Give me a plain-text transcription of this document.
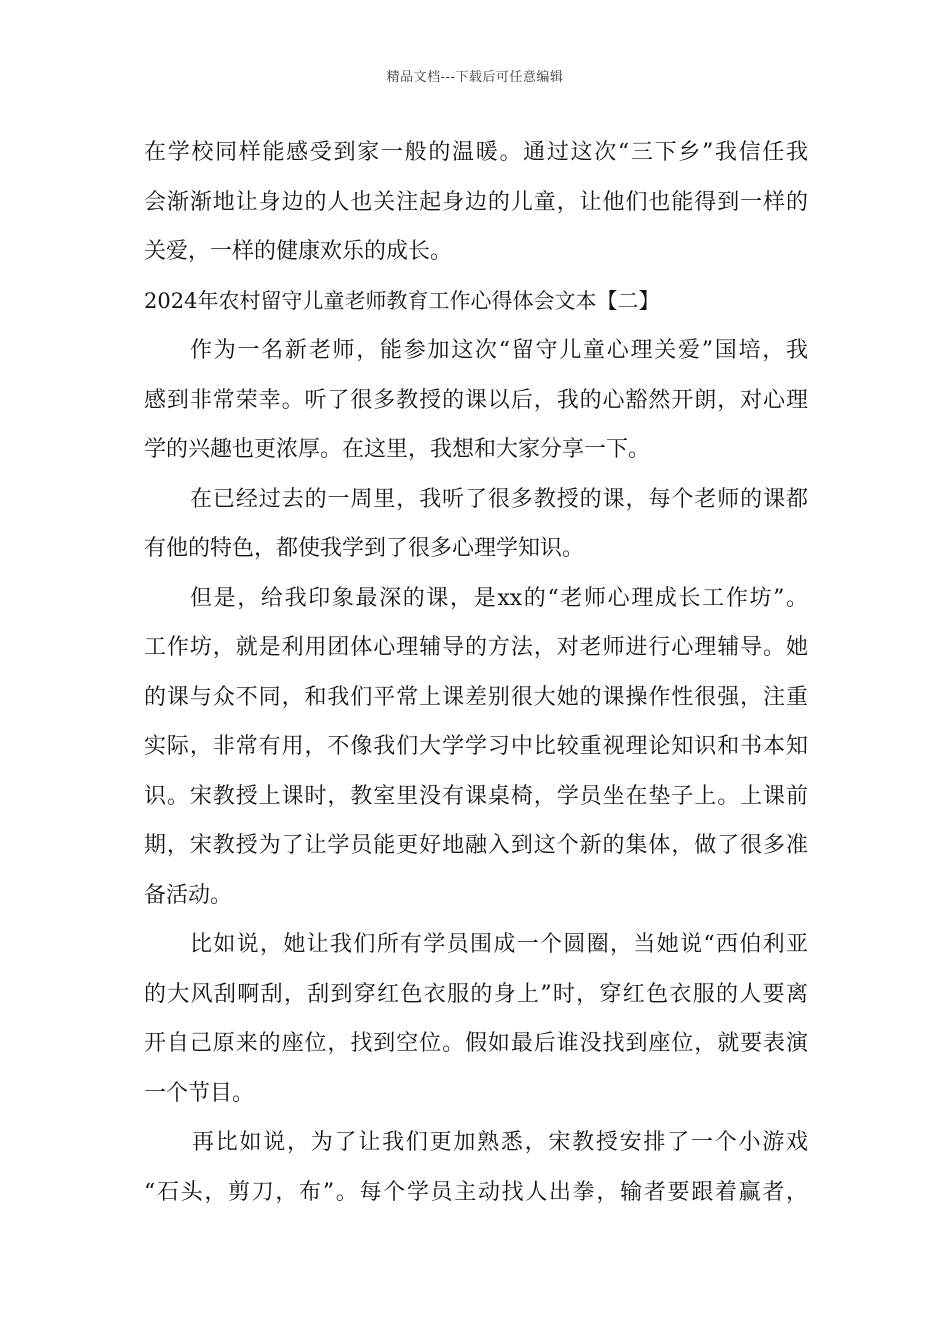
精品文档---下载后可任意编辑
在学校同样能感受到家一般的温暖。通过这次“三下乡”我信任我
会渐渐地让身边的人也关注起身边的儿童，让他们也能得到一样的
关爱，一样的健康欢乐的成长。
2024年农村留守儿童老师教育工作心得体会文本【二】
作为一名新老师，能参加这次“留守儿童心理关爱”国培，我
感到非常荣幸。听了很多教授的课以后，我的心豁然开朗，对心理
学的兴趣也更浓厚。在这里，我想和大家分享一下。
在已经过去的一周里，我听了很多教授的课，每个老师的课都
有他的特色，都使我学到了很多心理学知识。
但是，给我印象最深的课，是xx的“老师心理成长工作坊”。
工作坊，就是利用团体心理辅导的方法，对老师进行心理辅导。她
的课与众不同，和我们平常上课差别很大她的课操作性很强，注重
实际，非常有用，不像我们大学学习中比较重视理论知识和书本知
识。宋教授上课时，教室里没有课桌椅，学员坐在垫子上。上课前
期，宋教授为了让学员能更好地融入到这个新的集体，做了很多准
备活动。
比如说，她让我们所有学员围成一个圆圈，当她说“西伯利亚
的大风刮啊刮，刮到穿红色衣服的身上”时，穿红色衣服的人要离
开自己原来的座位，找到空位。假如最后谁没找到座位，就要表演
一个节目。
再比如说，为了让我们更加熟悉，宋教授安排了一个小游戏
“石头，剪刀，布”。每个学员主动找人出拳，输者要跟着赢者，
